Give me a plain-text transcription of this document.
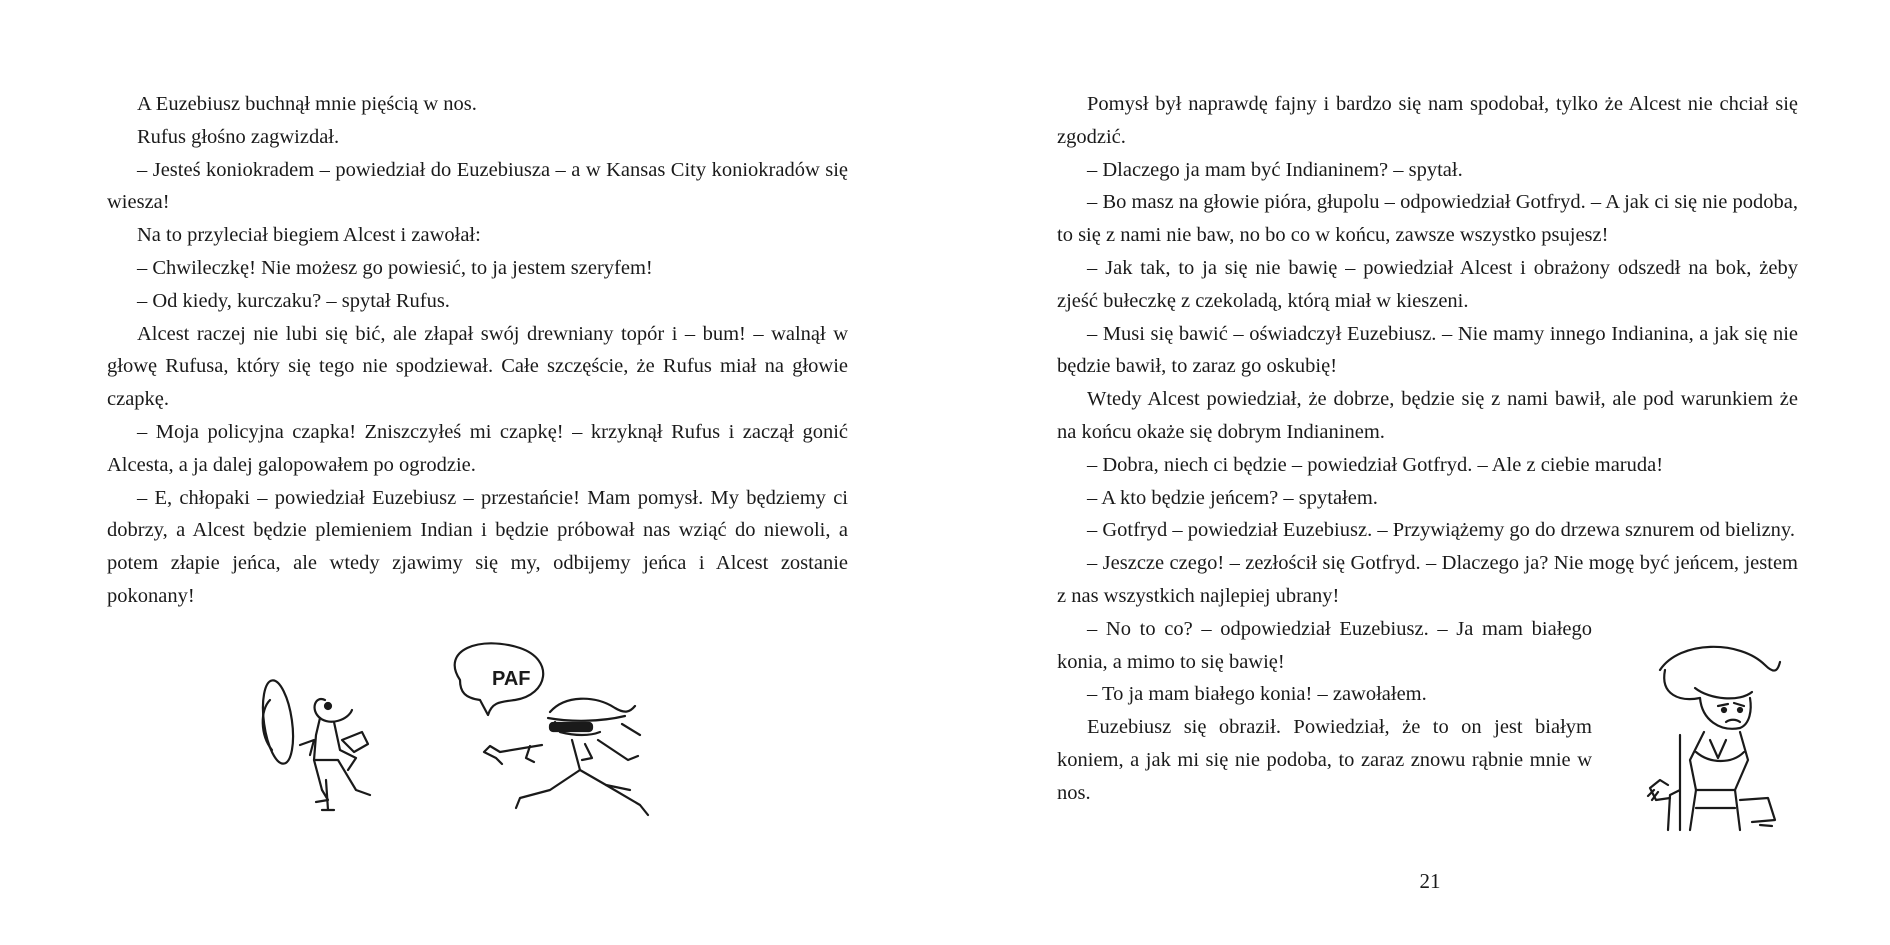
A Euzebiusz buchnął mnie pięścią w nos.

Rufus głośno zagwizdał.

– Jesteś koniokradem – powiedział do Euzebiusza – a w Kansas City koniokradów się wiesza!

Na to przyleciał biegiem Alcest i zawołał:

– Chwileczkę! Nie możesz go powiesić, to ja jestem szeryfem!

– Od kiedy, kurczaku? – spytał Rufus.

Alcest raczej nie lubi się bić, ale złapał swój drewniany topór i – bum! – walnął w głowę Rufusa, który się tego nie spodziewał. Całe szczęście, że Rufus miał na głowie czapkę.

– Moja policyjna czapka! Zniszczyłeś mi czapkę! – krzyknął Rufus i zaczął gonić Alcesta, a ja dalej galopowałem po ogrodzie.

– E, chłopaki – powiedział Euzebiusz – przestańcie! Mam pomysł. My będziemy ci dobrzy, a Alcest będzie plemieniem Indian i będzie próbował nas wziąć do niewoli, a potem złapie jeńca, ale wtedy zjawimy się my, odbijemy jeńca i Alcest zostanie pokonany!

PAF

Pomysł był naprawdę fajny i bardzo się nam spodobał, tylko że Alcest nie chciał się zgodzić.

– Dlaczego ja mam być Indianinem? – spytał.

– Bo masz na głowie pióra, głupolu – odpowiedział Gotfryd. – A jak ci się nie podoba, to się z nami nie baw, no bo co w końcu, zawsze wszystko psujesz!

– Jak tak, to ja się nie bawię – powiedział Alcest i obrażony odszedł na bok, żeby zjeść bułeczkę z czekoladą, którą miał w kieszeni.

– Musi się bawić – oświadczył Euzebiusz. – Nie mamy innego Indianina, a jak się nie będzie bawił, to zaraz go oskubię!

Wtedy Alcest powiedział, że dobrze, będzie się z nami bawił, ale pod warunkiem że na końcu okaże się dobrym Indianinem.

– Dobra, niech ci będzie – powiedział Gotfryd. – Ale z ciebie maruda!

– A kto będzie jeńcem? – spytałem.

– Gotfryd – powiedział Euzebiusz. – Przywiążemy go do drzewa sznurem od bielizny.

– Jeszcze czego! – zezłościł się Gotfryd. – Dlaczego ja? Nie mogę być jeńcem, jestem z nas wszystkich najlepiej ubrany!

– No to co? – odpowiedział Euzebiusz. – Ja mam białego konia, a mimo to się bawię!

– To ja mam białego konia! – zawołałem.

Euzebiusz się obraził. Powiedział, że to on jest białym koniem, a jak mi się nie podoba, to zaraz znowu rąbnie mnie w nos.

21
